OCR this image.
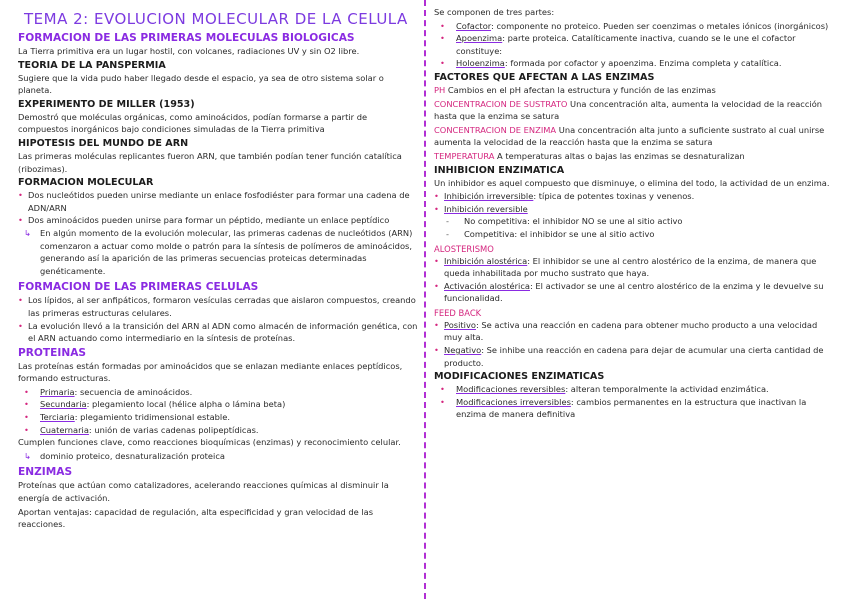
TEMA 2: EVOLUCION MOLECULAR DE LA CELULA
FORMACION DE LAS PRIMERAS MOLECULAS BIOLOGICAS
La Tierra primitiva era un lugar hostil, con volcanes, radiaciones UV y sin O2 libre.
TEORIA DE LA PANSPERMIA
Sugiere que la vida pudo haber llegado desde el espacio, ya sea de otro sistema solar o planeta.
EXPERIMENTO DE MILLER (1953)
Demostró que moléculas orgánicas, como aminoácidos, podían formarse a partir de compuestos inorgánicos bajo condiciones simuladas de la Tierra primitiva
HIPOTESIS DEL MUNDO DE ARN
Las primeras moléculas replicantes fueron ARN, que también podían tener función catalítica (ribozimas).
FORMACION MOLECULAR
• Dos nucleótidos pueden unirse mediante un enlace fosfodiéster para formar una cadena de ADN/ARN
• Dos aminoácidos pueden unirse para formar un péptido, mediante un enlace peptídico
↳ En algún momento de la evolución molecular, las primeras cadenas de nucleótidos (ARN) comenzaron a actuar como molde o patrón para la síntesis de polímeros de aminoácidos, generando así la aparición de las primeras secuencias proteicas determinadas genéticamente.
FORMACION DE LAS PRIMERAS CELULAS
• Los lípidos, al ser anfipáticos, formaron vesículas cerradas que aislaron compuestos, creando las primeras estructuras celulares.
• La evolución llevó a la transición del ARN al ADN como almacén de información genética, con el ARN actuando como intermediario en la síntesis de proteínas.
PROTEINAS
Las proteínas están formadas por aminoácidos que se enlazan mediante enlaces peptídicos, formando estructuras.
• Primaria: secuencia de aminoácidos.
• Secundaria: plegamiento local (hélice alpha o lámina beta)
• Terciaria: plegamiento tridimensional estable.
• Cuaternaria: unión de varias cadenas polipeptídicas.
Cumplen funciones clave, como reacciones bioquímicas (enzimas) y reconocimiento celular.
↳ dominio proteico, desnaturalización proteica
ENZIMAS
Proteínas que actúan como catalizadores, acelerando reacciones químicas al disminuir la energía de activación.
Aportan ventajas: capacidad de regulación, alta especificidad y gran velocidad de las reacciones.
Se componen de tres partes:
• Cofactor: componente no proteico. Pueden ser coenzimas o metales iónicos (inorgánicos)
• Apoenzima: parte proteica. Catalíticamente inactiva, cuando se le une el cofactor constituye:
• Holoenzima: formada por cofactor y apoenzima. Enzima completa y catalítica.
FACTORES QUE AFECTAN A LAS ENZIMAS
PH Cambios en el pH afectan la estructura y función de las enzimas
CONCENTRACION DE SUSTRATO Una concentración alta, aumenta la velocidad de la reacción hasta que la enzima se satura
CONCENTRACION DE ENZIMA Una concentración alta junto a suficiente sustrato al cual unirse aumenta la velocidad de la reacción hasta que la enzima se satura
TEMPERATURA A temperaturas altas o bajas las enzimas se desnaturalizan
INHIBICION ENZIMATICA
Un inhibidor es aquel compuesto que disminuye, o elimina del todo, la actividad de un enzima.
• Inhibición irreversible: típica de potentes toxinas y venenos.
• Inhibición reversible
- No competitiva: el inhibidor NO se une al sitio activo
- Competitiva: el inhibidor se une al sitio activo
ALOSTERISMO
• Inhibición alostérica: El inhibidor se une al centro alostérico de la enzima, de manera que queda inhabilitada por mucho sustrato que haya.
• Activación alostérica: El activador se une al centro alostérico de la enzima y le devuelve su funcionalidad.
FEED BACK
• Positivo: Se activa una reacción en cadena para obtener mucho producto a una velocidad muy alta.
• Negativo: Se inhibe una reacción en cadena para dejar de acumular una cierta cantidad de producto.
MODIFICACIONES ENZIMATICAS
• Modificaciones reversibles: alteran temporalmente la actividad enzimática.
• Modificaciones irreversibles: cambios permanentes en la estructura que inactivan la enzima de manera definitiva
